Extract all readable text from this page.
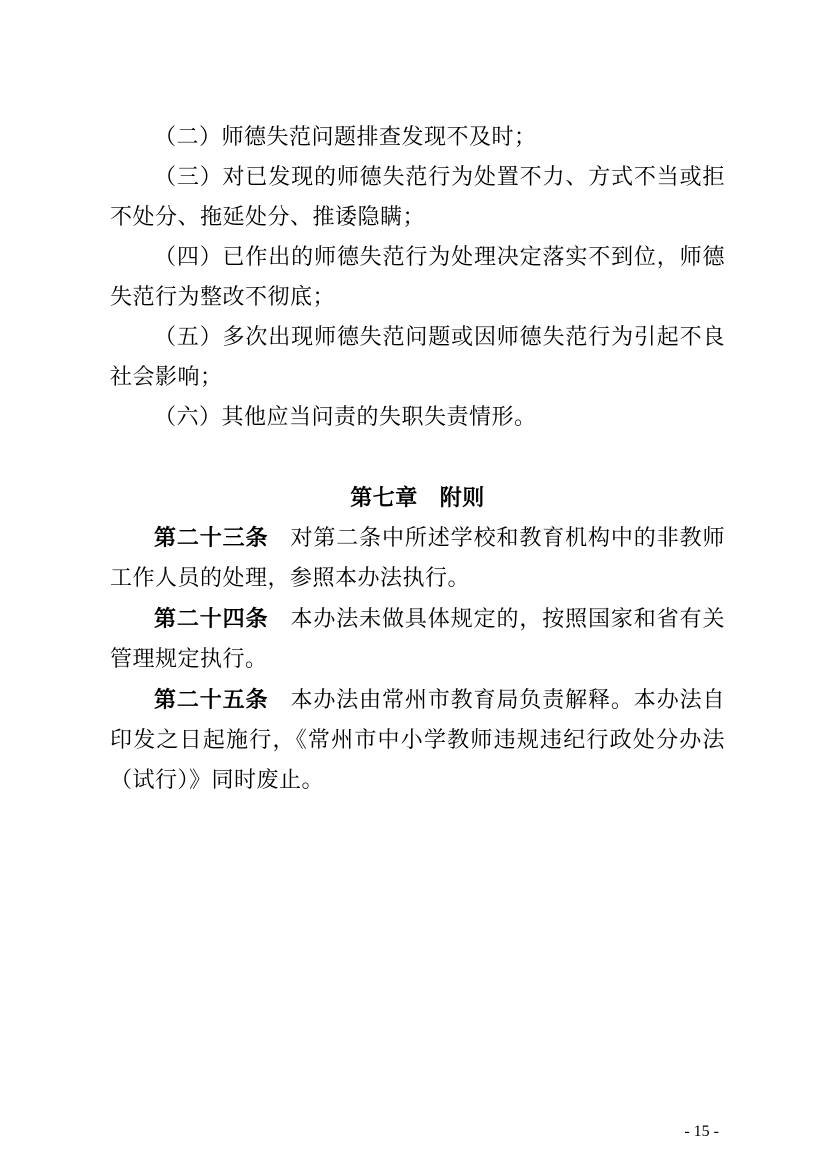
（二）师德失范问题排查发现不及时；

（三）对已发现的师德失范行为处置不力、方式不当或拒不处分、拖延处分、推诿隐瞒；

（四）已作出的师德失范行为处理决定落实不到位，师德失范行为整改不彻底；

（五）多次出现师德失范问题或因师德失范行为引起不良社会影响；

（六）其他应当问责的失职失责情形。

第七章 附则

第二十三条 对第二条中所述学校和教育机构中的非教师工作人员的处理，参照本办法执行。

第二十四条 本办法未做具体规定的，按照国家和省有关管理规定执行。

第二十五条 本办法由常州市教育局负责解释。本办法自印发之日起施行，《常州市中小学教师违规违纪行政处分办法（试行）》同时废止。

- 15 -
